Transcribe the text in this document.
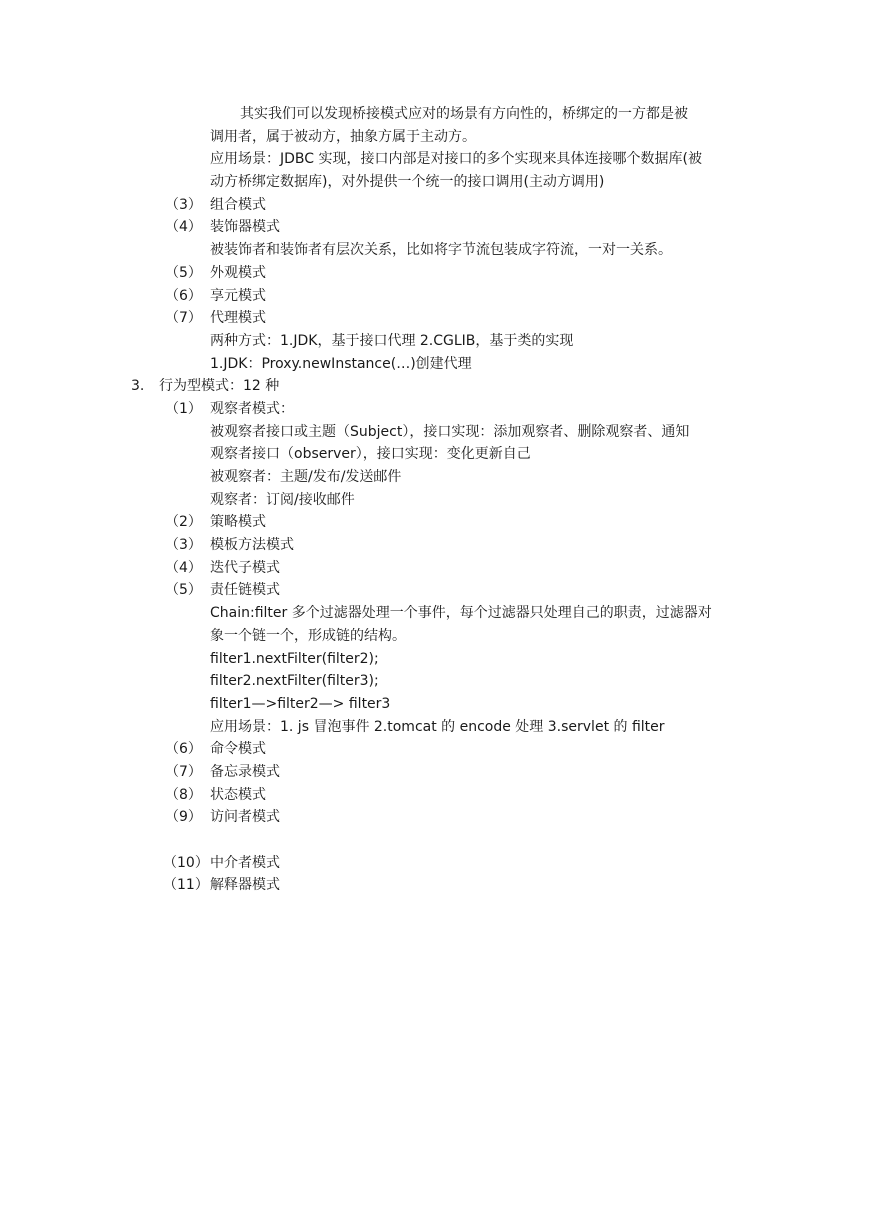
其实我们可以发现桥接模式应对的场景有方向性的，桥绑定的一方都是被
调用者，属于被动方，抽象方属于主动方。
应用场景：JDBC 实现，接口内部是对接口的多个实现来具体连接哪个数据库(被
动方桥绑定数据库)，对外提供一个统一的接口调用(主动方调用)
（3） 组合模式
（4） 装饰器模式
被装饰者和装饰者有层次关系，比如将字节流包装成字符流，一对一关系。
（5） 外观模式
（6） 享元模式
（7） 代理模式
两种方式：1.JDK，基于接口代理 2.CGLIB，基于类的实现
1.JDK：Proxy.newInstance(…)创建代理
3. 行为型模式：12 种
（1） 观察者模式：
被观察者接口或主题（Subject），接口实现：添加观察者、删除观察者、通知
观察者接口（observer），接口实现：变化更新自己
被观察者：主题/发布/发送邮件
观察者：订阅/接收邮件
（2） 策略模式
（3） 模板方法模式
（4） 迭代子模式
（5） 责任链模式
Chain:filter 多个过滤器处理一个事件，每个过滤器只处理自己的职责，过滤器对
象一个链一个，形成链的结构。
filter1.nextFilter(filter2);
filter2.nextFilter(filter3);
filter1—>filter2—> filter3
应用场景：1. js 冒泡事件 2.tomcat 的 encode 处理 3.servlet 的 filter
（6） 命令模式
（7） 备忘录模式
（8） 状态模式
（9） 访问者模式
（10） 中介者模式
（11） 解释器模式
